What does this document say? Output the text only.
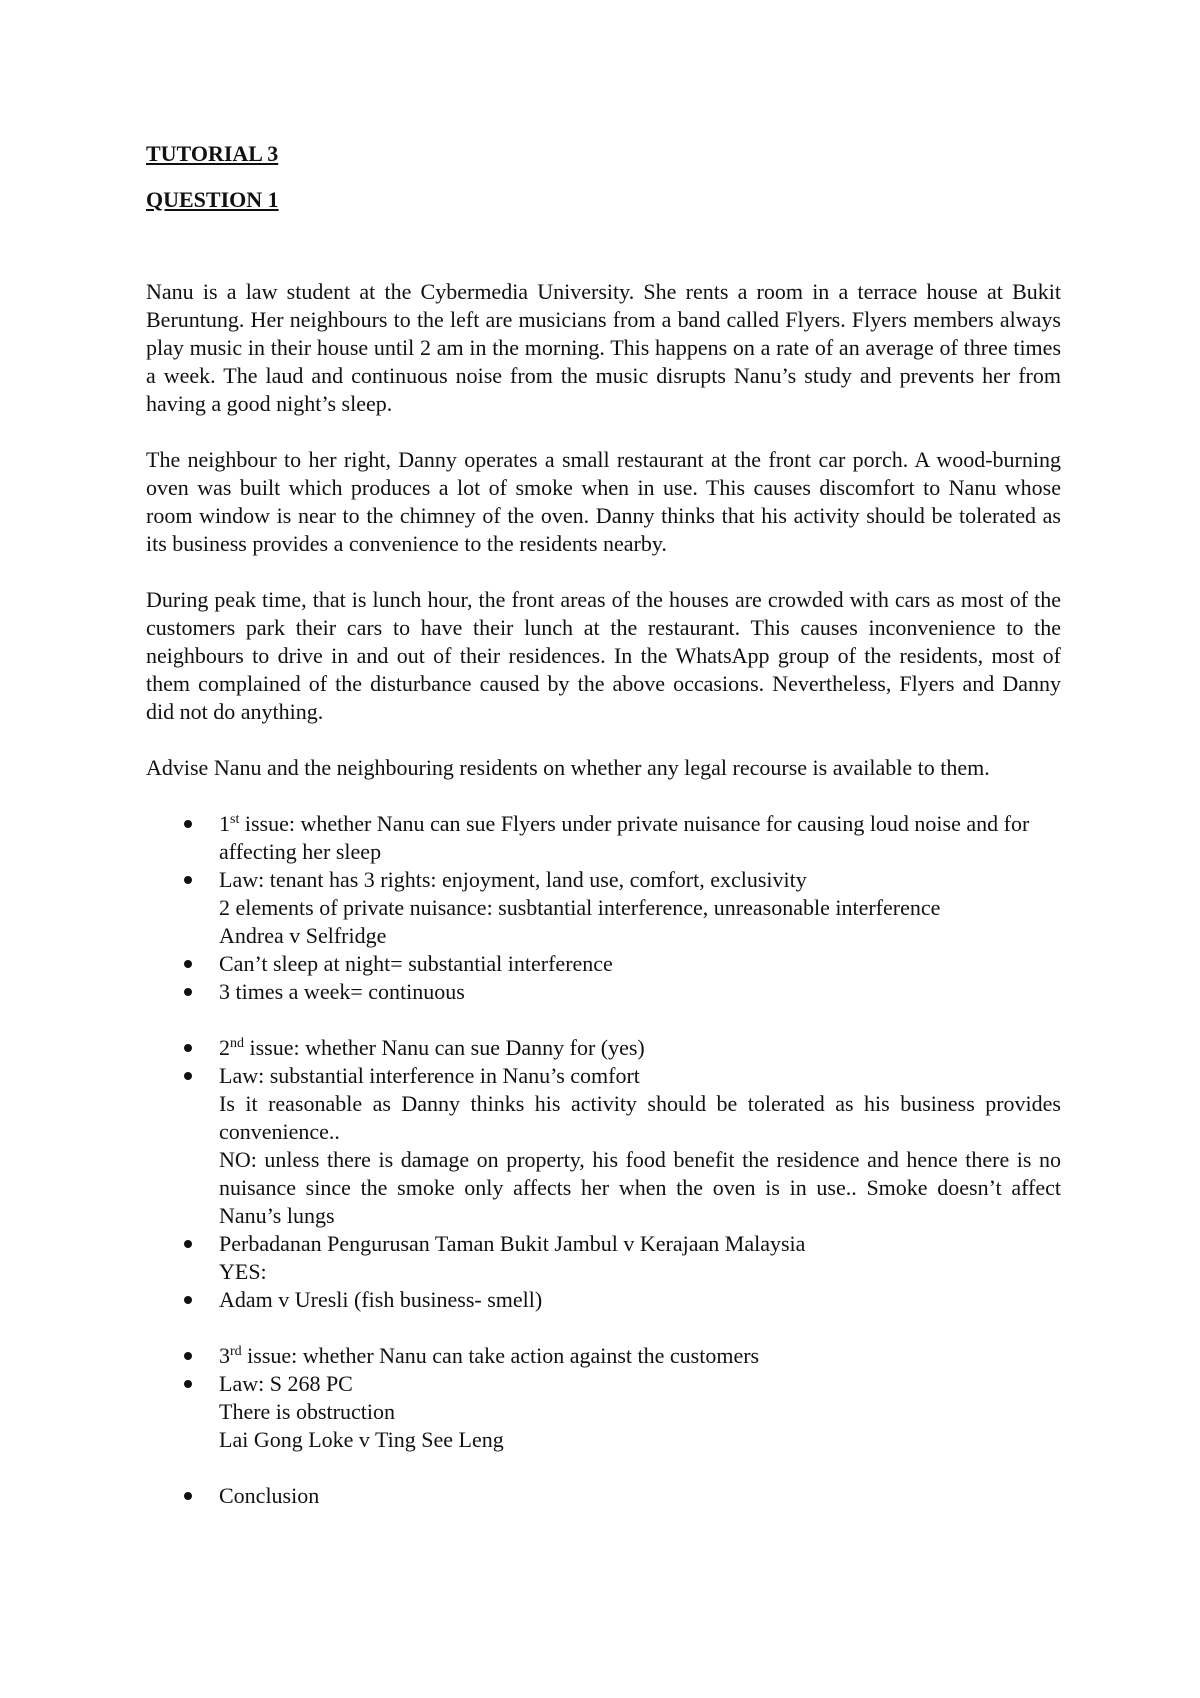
TUTORIAL 3

QUESTION 1

Nanu is a law student at the Cybermedia University. She rents a room in a terrace house at Bukit Beruntung. Her neighbours to the left are musicians from a band called Flyers. Flyers members always play music in their house until 2 am in the morning. This happens on a rate of an average of three times a week. The laud and continuous noise from the music disrupts Nanu’s study and prevents her from having a good night’s sleep.

The neighbour to her right, Danny operates a small restaurant at the front car porch. A wood-burning oven was built which produces a lot of smoke when in use. This causes discomfort to Nanu whose room window is near to the chimney of the oven. Danny thinks that his activity should be tolerated as its business provides a convenience to the residents nearby.

During peak time, that is lunch hour, the front areas of the houses are crowded with cars as most of the customers park their cars to have their lunch at the restaurant. This causes inconvenience to the neighbours to drive in and out of their residences. In the WhatsApp group of the residents, most of them complained of the disturbance caused by the above occasions. Nevertheless, Flyers and Danny did not do anything.

Advise Nanu and the neighbouring residents on whether any legal recourse is available to them.

1st issue: whether Nanu can sue Flyers under private nuisance for causing loud noise and for affecting her sleep
Law: tenant has 3 rights: enjoyment, land use, comfort, exclusivity
2 elements of private nuisance: susbtantial interference, unreasonable interference
Andrea v Selfridge
Can’t sleep at night= substantial interference
3 times a week= continuous
2nd issue: whether Nanu can sue Danny for (yes)
Law: substantial interference in Nanu’s comfort
Is it reasonable as Danny thinks his activity should be tolerated as his business provides convenience..
NO: unless there is damage on property, his food benefit the residence and hence there is no nuisance since the smoke only affects her when the oven is in use.. Smoke doesn’t affect Nanu’s lungs
Perbadanan Pengurusan Taman Bukit Jambul v Kerajaan Malaysia
YES:
Adam v Uresli (fish business- smell)
3rd issue: whether Nanu can take action against the customers
Law: S 268 PC
There is obstruction
Lai Gong Loke v Ting See Leng
Conclusion
